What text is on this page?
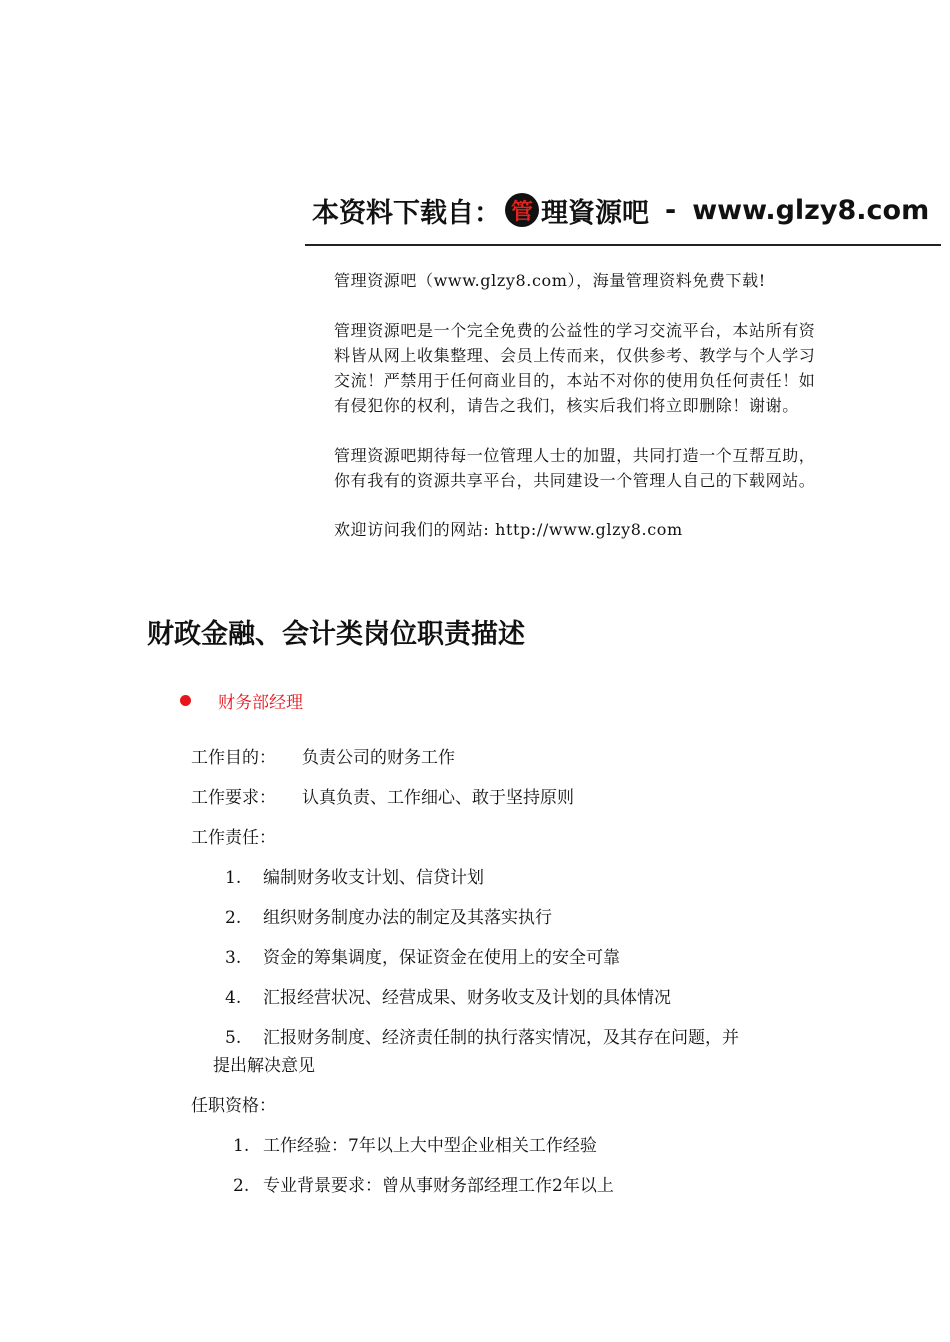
本资料下载自： 管 理資源吧 - www.glzy8.com
管理资源吧（www.glzy8.com），海量管理资料免费下载!
管理资源吧是一个完全免费的公益性的学习交流平台，本站所有资
料皆从网上收集整理、会员上传而来，仅供参考、教学与个人学习
交流！严禁用于任何商业目的，本站不对你的使用负任何责任！如
有侵犯你的权利，请告之我们，核实后我们将立即删除！谢谢。
管理资源吧期待每一位管理人士的加盟，共同打造一个互帮互助，
你有我有的资源共享平台，共同建设一个管理人自己的下载网站。
欢迎访问我们的网站: http://www.glzy8.com
财政金融、会计类岗位职责描述
财务部经理
工作目的： 负责公司的财务工作
工作要求： 认真负责、工作细心、敢于坚持原则
工作责任：
1. 编制财务收支计划、信贷计划
2. 组织财务制度办法的制定及其落实执行
3. 资金的筹集调度，保证资金在使用上的安全可靠
4. 汇报经营状况、经营成果、财务收支及计划的具体情况
5. 汇报财务制度、经济责任制的执行落实情况，及其存在问题，并
提出解决意见
任职资格：
1. 工作经验：7年以上大中型企业相关工作经验
2. 专业背景要求：曾从事财务部经理工作2年以上
